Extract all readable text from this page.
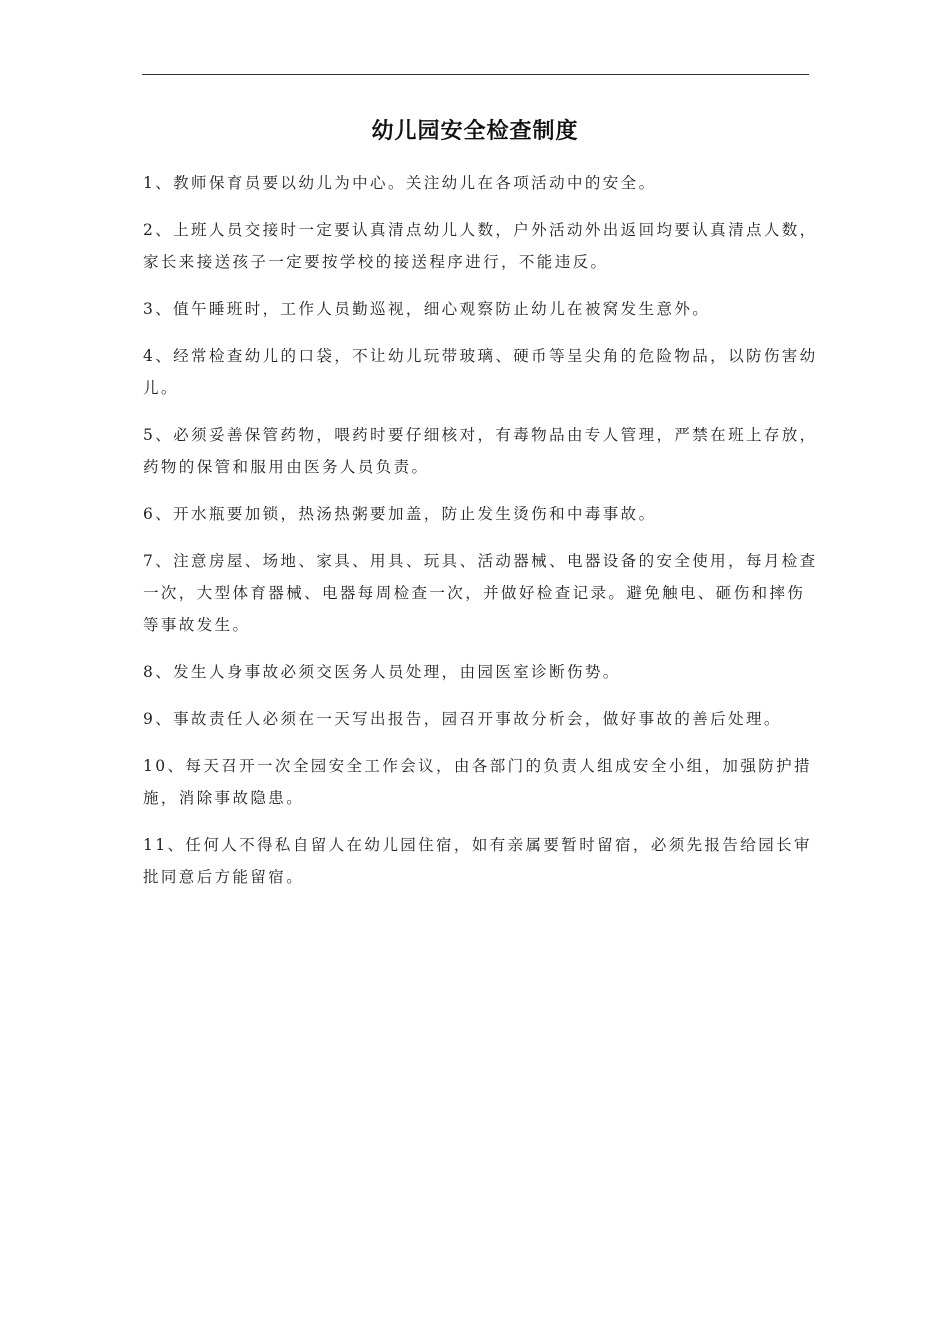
幼儿园安全检查制度
1、教师保育员要以幼儿为中心。关注幼儿在各项活动中的安全。
2、上班人员交接时一定要认真清点幼儿人数，户外活动外出返回均要认真清点人数，家长来接送孩子一定要按学校的接送程序进行，不能违反。
3、值午睡班时，工作人员勤巡视，细心观察防止幼儿在被窝发生意外。
4、经常检查幼儿的口袋，不让幼儿玩带玻璃、硬币等呈尖角的危险物品，以防伤害幼儿。
5、必须妥善保管药物，喂药时要仔细核对，有毒物品由专人管理，严禁在班上存放，药物的保管和服用由医务人员负责。
6、开水瓶要加锁，热汤热粥要加盖，防止发生烫伤和中毒事故。
7、注意房屋、场地、家具、用具、玩具、活动器械、电器设备的安全使用，每月检查一次，大型体育器械、电器每周检查一次，并做好检查记录。避免触电、砸伤和摔伤等事故发生。
8、发生人身事故必须交医务人员处理，由园医室诊断伤势。
9、事故责任人必须在一天写出报告，园召开事故分析会，做好事故的善后处理。
10、每天召开一次全园安全工作会议，由各部门的负责人组成安全小组，加强防护措施，消除事故隐患。
11、任何人不得私自留人在幼儿园住宿，如有亲属要暂时留宿，必须先报告给园长审批同意后方能留宿。
